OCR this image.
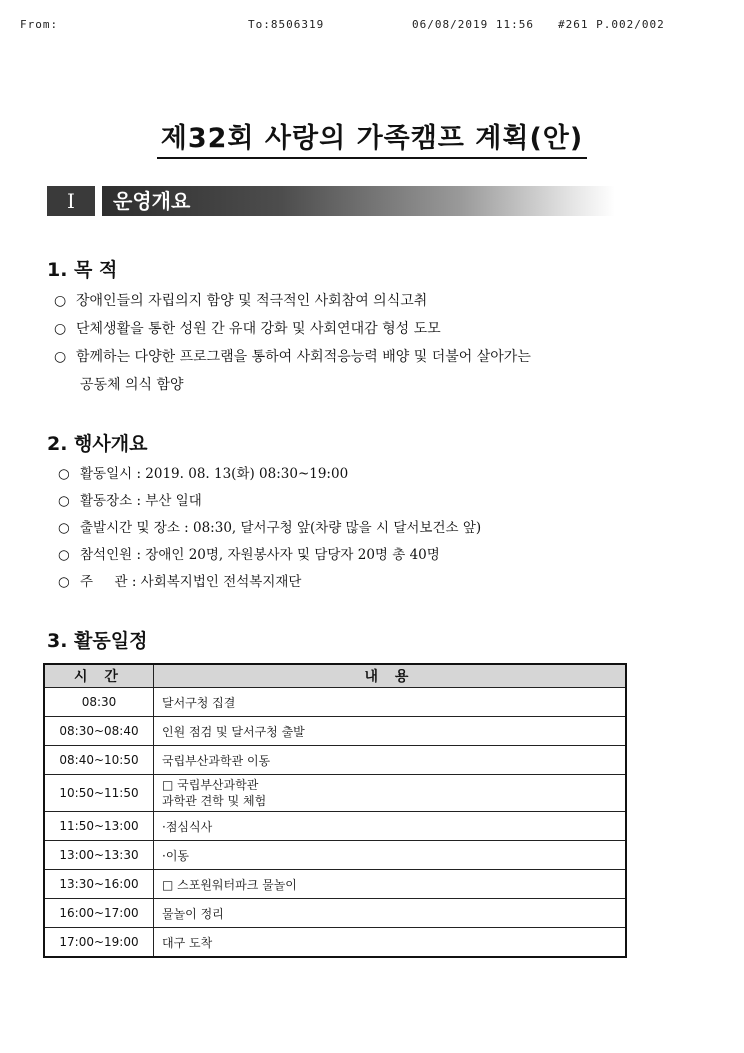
From:	To:8506319	06/08/2019 11:56 #261 P.002/002
제32회 사랑의 가족캠프 계획(안)
Ⅰ	운영개요
1. 목 적
○ 장애인들의 자립의지 함양 및 적극적인 사회참여 의식고취
○ 단체생활을 통한 성원 간 유대 강화 및 사회연대감 형성 도모
○ 함께하는 다양한 프로그램을 통하여 사회적응능력 배양 및 더불어 살아가는
공동체 의식 함양
2. 행사개요
○ 활동일시 : 2019. 08. 13(화) 08:30~19:00
○ 활동장소 : 부산 일대
○ 출발시간 및 장소 : 08:30, 달서구청 앞(차량 많을 시 달서보건소 앞)
○ 참석인원 : 장애인 20명, 자원봉사자 및 담당자 20명 총 40명
○ 주     관 : 사회복지법인 전석복지재단
3. 활동일정
시 간	내 용
08:30	달서구청 집결
08:30~08:40	인원 점검 및 달서구청 출발
08:40~10:50	국립부산과학관 이동
10:50~11:50	□ 국립부산과학관
과학관 견학 및 체험

11:50~13:00	·점심식사
13:00~13:30	·이동
13:30~16:00	□ 스포원워터파크 물놀이
16:00~17:00	물놀이 정리
17:00~19:00	대구 도착
